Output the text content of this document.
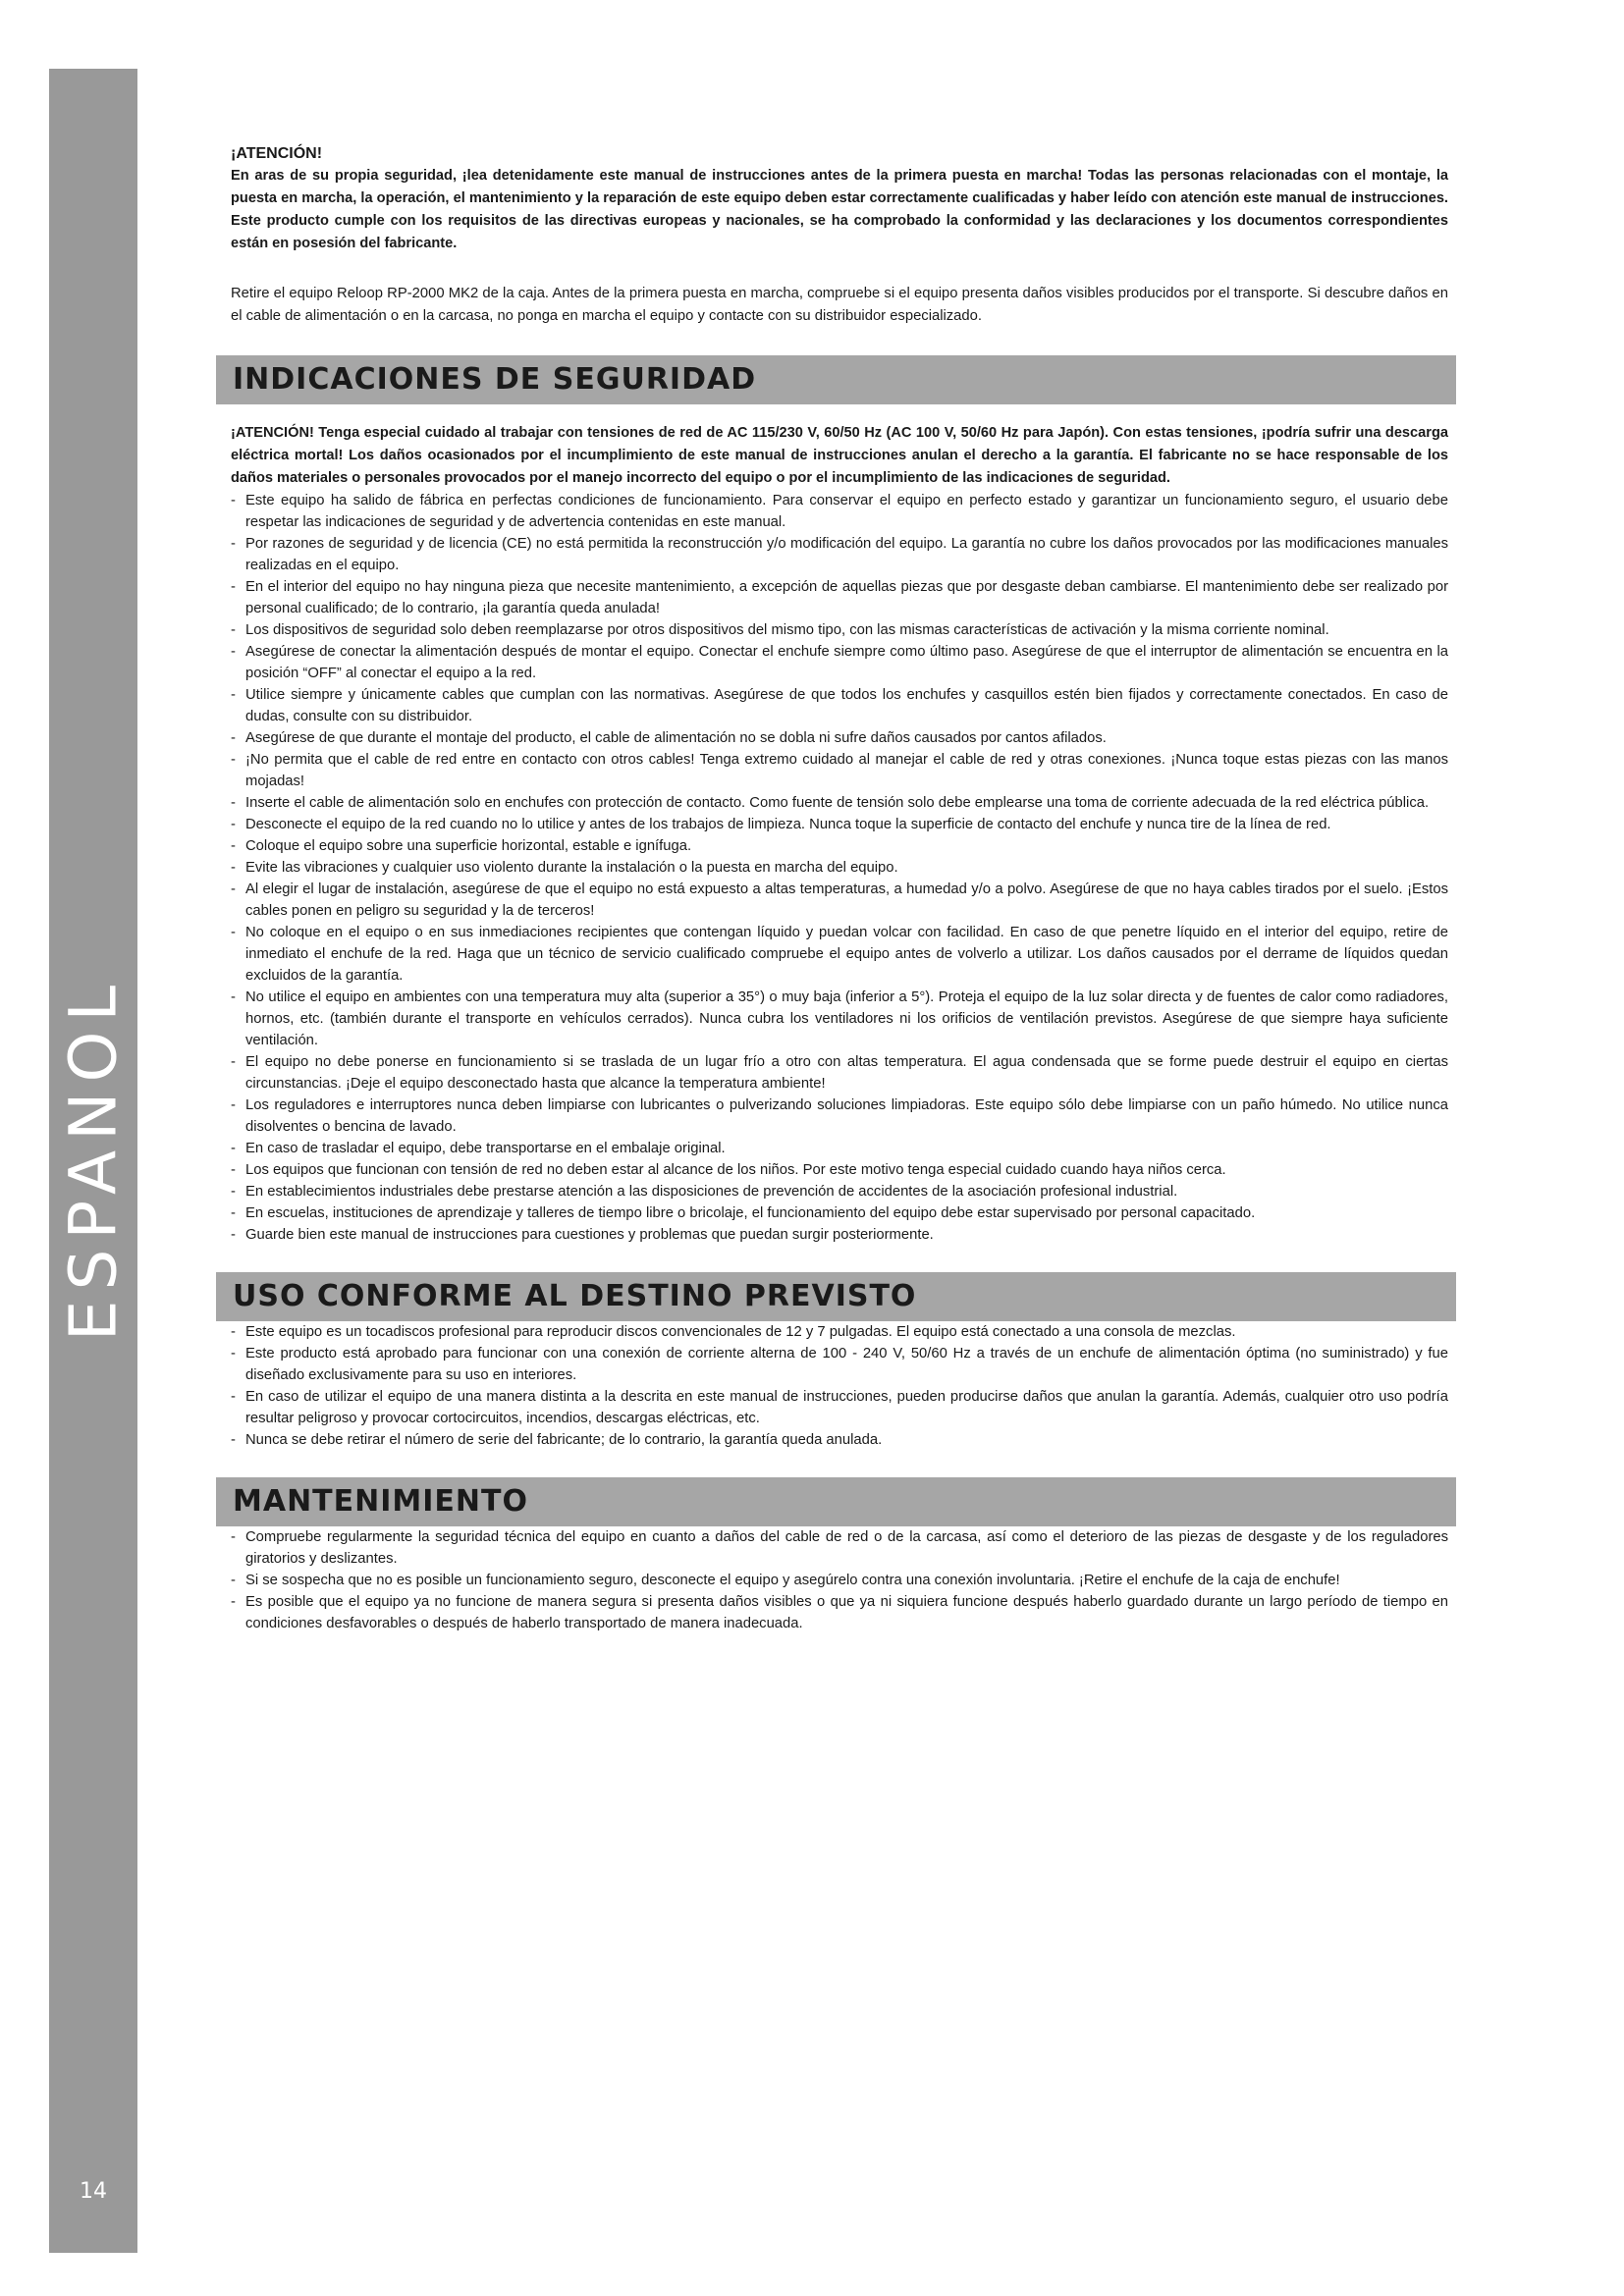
ESPANOL
14

¡ATENCIÓN!

En aras de su propia seguridad, ¡lea detenidamente este manual de instrucciones antes de la primera puesta en marcha! Todas las personas relacionadas con el montaje, la puesta en marcha, la operación, el mantenimiento y la reparación de este equipo deben estar correctamente cualificadas y haber leído con atención este manual de instrucciones. Este producto cumple con los requisitos de las directivas europeas y nacionales, se ha comprobado la conformidad y las declaraciones y los documentos correspondientes están en posesión del fabricante.

Retire el equipo Reloop RP-2000 MK2 de la caja. Antes de la primera puesta en marcha, compruebe si el equipo presenta daños visibles producidos por el transporte. Si descubre daños en el cable de alimentación o en la carcasa, no ponga en marcha el equipo y contacte con su distribuidor especializado.

INDICACIONES DE SEGURIDAD

¡ATENCIÓN! Tenga especial cuidado al trabajar con tensiones de red de AC 115/230 V, 60/50 Hz (AC 100 V, 50/60 Hz para Japón). Con estas tensiones, ¡podría sufrir una descarga eléctrica mortal! Los daños ocasionados por el incumplimiento de este manual de instrucciones anulan el derecho a la garantía. El fabricante no se hace responsable de los daños materiales o personales provocados por el manejo incorrecto del equipo o por el incumplimiento de las indicaciones de seguridad.

- Este equipo ha salido de fábrica en perfectas condiciones de funcionamiento. Para conservar el equipo en perfecto estado y garantizar un funcionamiento seguro, el usuario debe respetar las indicaciones de seguridad y de advertencia contenidas en este manual.
- Por razones de seguridad y de licencia (CE) no está permitida la reconstrucción y/o modificación del equipo. La garantía no cubre los daños provocados por las modificaciones manuales realizadas en el equipo.
- En el interior del equipo no hay ninguna pieza que necesite mantenimiento, a excepción de aquellas piezas que por desgaste deban cambiarse. El mantenimiento debe ser realizado por personal cualificado; de lo contrario, ¡la garantía queda anulada!
- Los dispositivos de seguridad solo deben reemplazarse por otros dispositivos del mismo tipo, con las mismas características de activación y la misma corriente nominal.
- Asegúrese de conectar la alimentación después de montar el equipo. Conectar el enchufe siempre como último paso. Asegúrese de que el interruptor de alimentación se encuentra en la posición “OFF” al conectar el equipo a la red.
- Utilice siempre y únicamente cables que cumplan con las normativas. Asegúrese de que todos los enchufes y casquillos estén bien fijados y correctamente conectados. En caso de dudas, consulte con su distribuidor.
- Asegúrese de que durante el montaje del producto, el cable de alimentación no se dobla ni sufre daños causados por cantos afilados.
- ¡No permita que el cable de red entre en contacto con otros cables! Tenga extremo cuidado al manejar el cable de red y otras conexiones. ¡Nunca toque estas piezas con las manos mojadas!
- Inserte el cable de alimentación solo en enchufes con protección de contacto. Como fuente de tensión solo debe emplearse una toma de corriente adecuada de la red eléctrica pública.
- Desconecte el equipo de la red cuando no lo utilice y antes de los trabajos de limpieza. Nunca toque la superficie de contacto del enchufe y nunca tire de la línea de red.
- Coloque el equipo sobre una superficie horizontal, estable e ignífuga.
- Evite las vibraciones y cualquier uso violento durante la instalación o la puesta en marcha del equipo.
- Al elegir el lugar de instalación, asegúrese de que el equipo no está expuesto a altas temperaturas, a humedad y/o a polvo. Asegúrese de que no haya cables tirados por el suelo. ¡Estos cables ponen en peligro su seguridad y la de terceros!
- No coloque en el equipo o en sus inmediaciones recipientes que contengan líquido y puedan volcar con facilidad. En caso de que penetre líquido en el interior del equipo, retire de inmediato el enchufe de la red. Haga que un técnico de servicio cualificado compruebe el equipo antes de volverlo a utilizar. Los daños causados por el derrame de líquidos quedan excluidos de la garantía.
- No utilice el equipo en ambientes con una temperatura muy alta (superior a 35°) o muy baja (inferior a 5°). Proteja el equipo de la luz solar directa y de fuentes de calor como radiadores, hornos, etc. (también durante el transporte en vehículos cerrados). Nunca cubra los ventiladores ni los orificios de ventilación previstos. Asegúrese de que siempre haya suficiente ventilación.
- El equipo no debe ponerse en funcionamiento si se traslada de un lugar frío a otro con altas temperatura. El agua condensada que se forme puede destruir el equipo en ciertas circunstancias. ¡Deje el equipo desconectado hasta que alcance la temperatura ambiente!
- Los reguladores e interruptores nunca deben limpiarse con lubricantes o pulverizando soluciones limpiadoras. Este equipo sólo debe limpiarse con un paño húmedo. No utilice nunca disolventes o bencina de lavado.
- En caso de trasladar el equipo, debe transportarse en el embalaje original.
- Los equipos que funcionan con tensión de red no deben estar al alcance de los niños. Por este motivo tenga especial cuidado cuando haya niños cerca.
- En establecimientos industriales debe prestarse atención a las disposiciones de prevención de accidentes de la asociación profesional industrial.
- En escuelas, instituciones de aprendizaje y talleres de tiempo libre o bricolaje, el funcionamiento del equipo debe estar supervisado por personal capacitado.
- Guarde bien este manual de instrucciones para cuestiones y problemas que puedan surgir posteriormente.
USO CONFORME AL DESTINO PREVISTO
- Este equipo es un tocadiscos profesional para reproducir discos convencionales de 12 y 7 pulgadas. El equipo está conectado a una consola de mezclas.
- Este producto está aprobado para funcionar con una conexión de corriente alterna de 100 - 240 V, 50/60 Hz a través de un enchufe de alimentación óptima (no suministrado) y fue diseñado exclusivamente para su uso en interiores.
- En caso de utilizar el equipo de una manera distinta a la descrita en este manual de instrucciones, pueden producirse daños que anulan la garantía. Además, cualquier otro uso podría resultar peligroso y provocar cortocircuitos, incendios, descargas eléctricas, etc.
- Nunca se debe retirar el número de serie del fabricante; de lo contrario, la garantía queda anulada.
MANTENIMIENTO
- Compruebe regularmente la seguridad técnica del equipo en cuanto a daños del cable de red o de la carcasa, así como el deterioro de las piezas de desgaste y de los reguladores giratorios y deslizantes.
- Si se sospecha que no es posible un funcionamiento seguro, desconecte el equipo y asegúrelo contra una conexión involuntaria. ¡Retire el enchufe de la caja de enchufe!
- Es posible que el equipo ya no funcione de manera segura si presenta daños visibles o que ya ni siquiera funcione después haberlo guardado durante un largo período de tiempo en condiciones desfavorables o después de haberlo transportado de manera inadecuada.
